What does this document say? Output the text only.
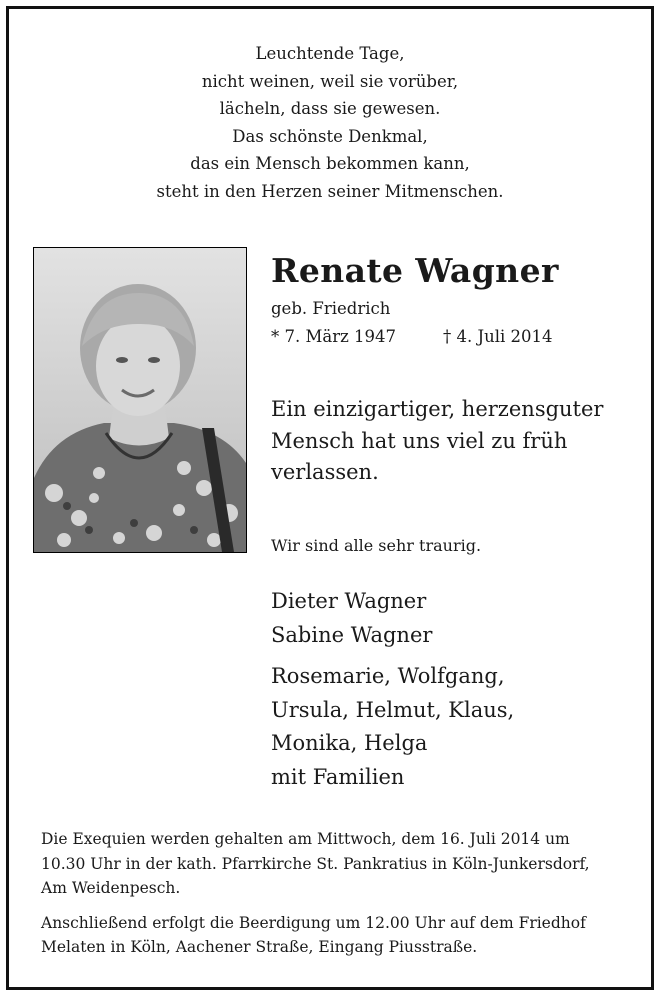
Leuchtende Tage,
nicht weinen, weil sie vorüber,
lächeln, dass sie gewesen.
Das schönste Denkmal,
das ein Mensch bekommen kann,
steht in den Herzen seiner Mitmenschen.
Renate Wagner
geb. Friedrich
* 7. März 1947	† 4. Juli 2014
Ein einzigartiger, herzensguter
Mensch hat uns viel zu früh
verlassen.
Wir sind alle sehr traurig.
Dieter Wagner
Sabine Wagner
Rosemarie, Wolfgang,
Ursula, Helmut, Klaus,
Monika, Helga
mit Familien

Die Exequien werden gehalten am Mittwoch, dem 16. Juli 2014 um
10.30 Uhr in der kath. Pfarrkirche St. Pankratius in Köln-Junkersdorf,
Am Weidenpesch.

Anschließend erfolgt die Beerdigung um 12.00 Uhr auf dem Friedhof
Melaten in Köln, Aachener Straße, Eingang Piusstraße.
